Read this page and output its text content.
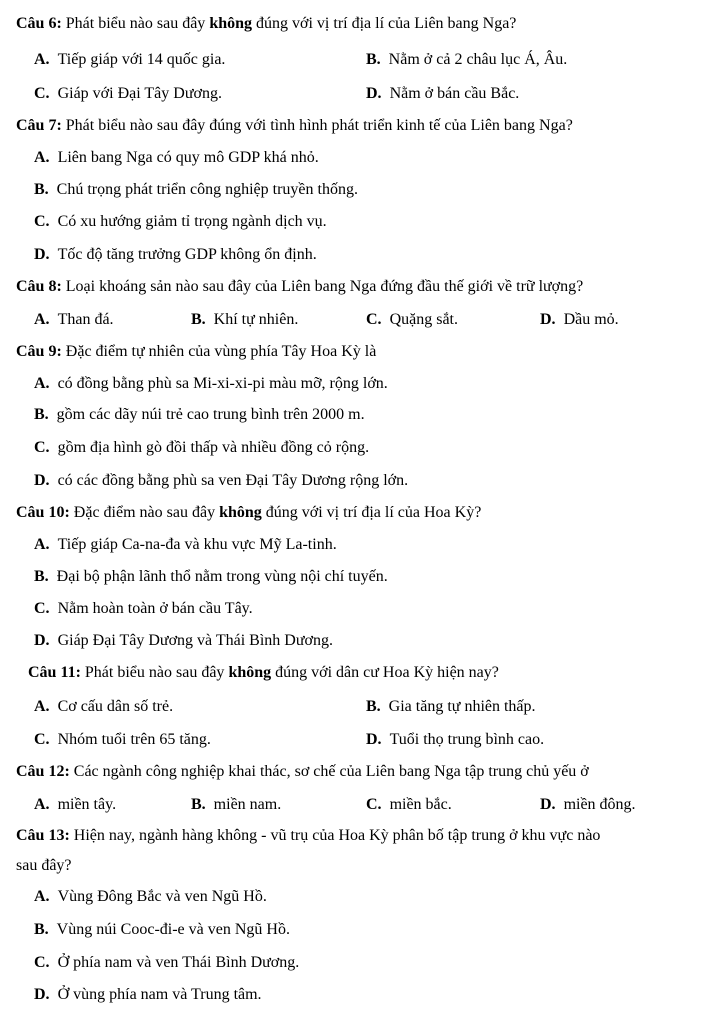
Câu 6: Phát biểu nào sau đây không đúng với vị trí địa lí của Liên bang Nga?
A. Tiếp giáp với 14 quốc gia.	B. Nằm ở cả 2 châu lục Á, Âu.
C. Giáp với Đại Tây Dương.	D. Nằm ở bán cầu Bắc.
Câu 7: Phát biểu nào sau đây đúng với tình hình phát triển kinh tế của Liên bang Nga?
A. Liên bang Nga có quy mô GDP khá nhỏ.
B. Chú trọng phát triển công nghiệp truyền thống.
C. Có xu hướng giảm tỉ trọng ngành dịch vụ.
D. Tốc độ tăng trưởng GDP không ổn định.
Câu 8: Loại khoáng sản nào sau đây của Liên bang Nga đứng đầu thế giới về trữ lượng?
A. Than đá.	B. Khí tự nhiên.	C. Quặng sắt.	D. Dầu mỏ.
Câu 9: Đặc điểm tự nhiên của vùng phía Tây Hoa Kỳ là
A. có đồng bằng phù sa Mi-xi-xi-pi màu mỡ, rộng lớn.
B. gồm các dãy núi trẻ cao trung bình trên 2000 m.
C. gồm địa hình gò đồi thấp và nhiều đồng cỏ rộng.
D. có các đồng bằng phù sa ven Đại Tây Dương rộng lớn.
Câu 10: Đặc điểm nào sau đây không đúng với vị trí địa lí của Hoa Kỳ?
A. Tiếp giáp Ca-na-đa và khu vực Mỹ La-tinh.
B. Đại bộ phận lãnh thổ nằm trong vùng nội chí tuyến.
C. Nằm hoàn toàn ở bán cầu Tây.
D. Giáp Đại Tây Dương và Thái Bình Dương.
Câu 11: Phát biểu nào sau đây không đúng với dân cư Hoa Kỳ hiện nay?
A. Cơ cấu dân số trẻ.	B. Gia tăng tự nhiên thấp.
C. Nhóm tuổi trên 65 tăng.	D. Tuổi thọ trung bình cao.
Câu 12: Các ngành công nghiệp khai thác, sơ chế của Liên bang Nga tập trung chủ yếu ở
A. miền tây.	B. miền nam.	C. miền bắc.	D. miền đông.
Câu 13: Hiện nay, ngành hàng không - vũ trụ của Hoa Kỳ phân bố tập trung ở khu vực nào
sau đây?
A. Vùng Đông Bắc và ven Ngũ Hồ.
B. Vùng núi Cooc-đi-e và ven Ngũ Hồ.
C. Ở phía nam và ven Thái Bình Dương.
D. Ở vùng phía nam và Trung tâm.
